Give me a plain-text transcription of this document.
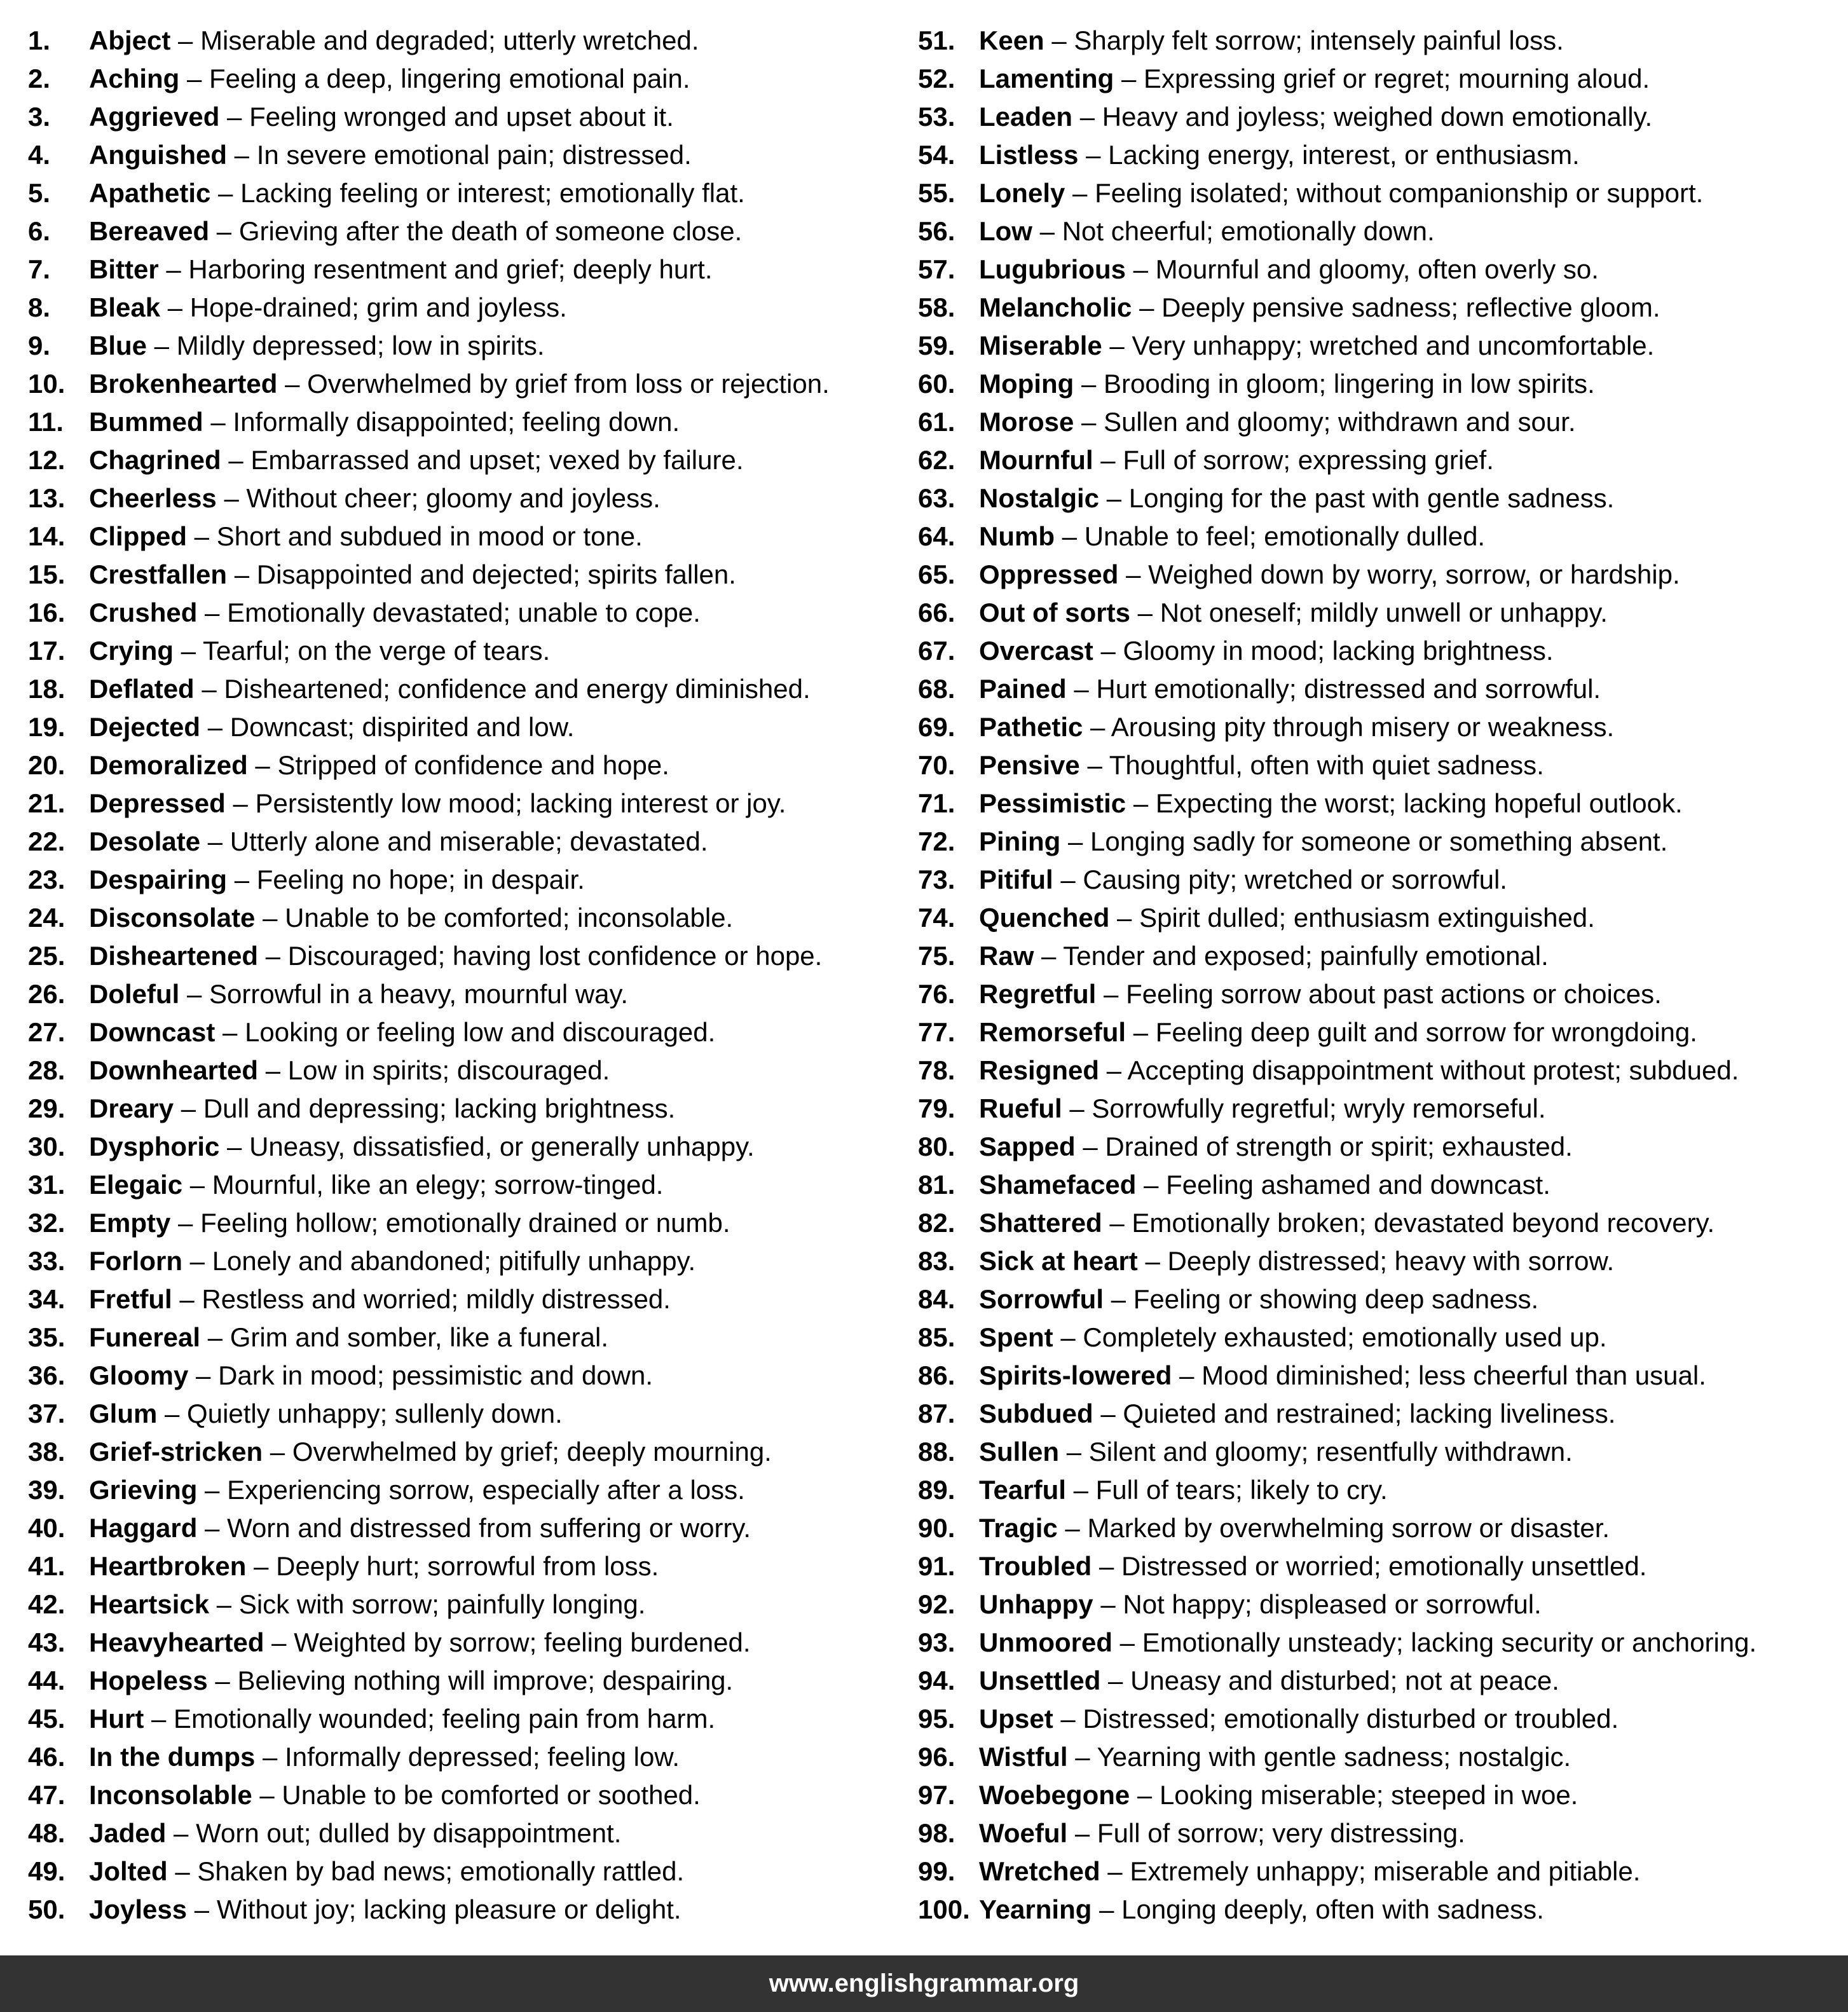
1. Abject – Miserable and degraded; utterly wretched.
2. Aching – Feeling a deep, lingering emotional pain.
3. Aggrieved – Feeling wronged and upset about it.
4. Anguished – In severe emotional pain; distressed.
5. Apathetic – Lacking feeling or interest; emotionally flat.
6. Bereaved – Grieving after the death of someone close.
7. Bitter – Harboring resentment and grief; deeply hurt.
8. Bleak – Hope-drained; grim and joyless.
9. Blue – Mildly depressed; low in spirits.
10. Brokenhearted – Overwhelmed by grief from loss or rejection.
11. Bummed – Informally disappointed; feeling down.
12. Chagrined – Embarrassed and upset; vexed by failure.
13. Cheerless – Without cheer; gloomy and joyless.
14. Clipped – Short and subdued in mood or tone.
15. Crestfallen – Disappointed and dejected; spirits fallen.
16. Crushed – Emotionally devastated; unable to cope.
17. Crying – Tearful; on the verge of tears.
18. Deflated – Disheartened; confidence and energy diminished.
19. Dejected – Downcast; dispirited and low.
20. Demoralized – Stripped of confidence and hope.
21. Depressed – Persistently low mood; lacking interest or joy.
22. Desolate – Utterly alone and miserable; devastated.
23. Despairing – Feeling no hope; in despair.
24. Disconsolate – Unable to be comforted; inconsolable.
25. Disheartened – Discouraged; having lost confidence or hope.
26. Doleful – Sorrowful in a heavy, mournful way.
27. Downcast – Looking or feeling low and discouraged.
28. Downhearted – Low in spirits; discouraged.
29. Dreary – Dull and depressing; lacking brightness.
30. Dysphoric – Uneasy, dissatisfied, or generally unhappy.
31. Elegaic – Mournful, like an elegy; sorrow-tinged.
32. Empty – Feeling hollow; emotionally drained or numb.
33. Forlorn – Lonely and abandoned; pitifully unhappy.
34. Fretful – Restless and worried; mildly distressed.
35. Funereal – Grim and somber, like a funeral.
36. Gloomy – Dark in mood; pessimistic and down.
37. Glum – Quietly unhappy; sullenly down.
38. Grief-stricken – Overwhelmed by grief; deeply mourning.
39. Grieving – Experiencing sorrow, especially after a loss.
40. Haggard – Worn and distressed from suffering or worry.
41. Heartbroken – Deeply hurt; sorrowful from loss.
42. Heartsick – Sick with sorrow; painfully longing.
43. Heavyhearted – Weighted by sorrow; feeling burdened.
44. Hopeless – Believing nothing will improve; despairing.
45. Hurt – Emotionally wounded; feeling pain from harm.
46. In the dumps – Informally depressed; feeling low.
47. Inconsolable – Unable to be comforted or soothed.
48. Jaded – Worn out; dulled by disappointment.
49. Jolted – Shaken by bad news; emotionally rattled.
50. Joyless – Without joy; lacking pleasure or delight.
51. Keen – Sharply felt sorrow; intensely painful loss.
52. Lamenting – Expressing grief or regret; mourning aloud.
53. Leaden – Heavy and joyless; weighed down emotionally.
54. Listless – Lacking energy, interest, or enthusiasm.
55. Lonely – Feeling isolated; without companionship or support.
56. Low – Not cheerful; emotionally down.
57. Lugubrious – Mournful and gloomy, often overly so.
58. Melancholic – Deeply pensive sadness; reflective gloom.
59. Miserable – Very unhappy; wretched and uncomfortable.
60. Moping – Brooding in gloom; lingering in low spirits.
61. Morose – Sullen and gloomy; withdrawn and sour.
62. Mournful – Full of sorrow; expressing grief.
63. Nostalgic – Longing for the past with gentle sadness.
64. Numb – Unable to feel; emotionally dulled.
65. Oppressed – Weighed down by worry, sorrow, or hardship.
66. Out of sorts – Not oneself; mildly unwell or unhappy.
67. Overcast – Gloomy in mood; lacking brightness.
68. Pained – Hurt emotionally; distressed and sorrowful.
69. Pathetic – Arousing pity through misery or weakness.
70. Pensive – Thoughtful, often with quiet sadness.
71. Pessimistic – Expecting the worst; lacking hopeful outlook.
72. Pining – Longing sadly for someone or something absent.
73. Pitiful – Causing pity; wretched or sorrowful.
74. Quenched – Spirit dulled; enthusiasm extinguished.
75. Raw – Tender and exposed; painfully emotional.
76. Regretful – Feeling sorrow about past actions or choices.
77. Remorseful – Feeling deep guilt and sorrow for wrongdoing.
78. Resigned – Accepting disappointment without protest; subdued.
79. Rueful – Sorrowfully regretful; wryly remorseful.
80. Sapped – Drained of strength or spirit; exhausted.
81. Shamefaced – Feeling ashamed and downcast.
82. Shattered – Emotionally broken; devastated beyond recovery.
83. Sick at heart – Deeply distressed; heavy with sorrow.
84. Sorrowful – Feeling or showing deep sadness.
85. Spent – Completely exhausted; emotionally used up.
86. Spirits-lowered – Mood diminished; less cheerful than usual.
87. Subdued – Quieted and restrained; lacking liveliness.
88. Sullen – Silent and gloomy; resentfully withdrawn.
89. Tearful – Full of tears; likely to cry.
90. Tragic – Marked by overwhelming sorrow or disaster.
91. Troubled – Distressed or worried; emotionally unsettled.
92. Unhappy – Not happy; displeased or sorrowful.
93. Unmoored – Emotionally unsteady; lacking security or anchoring.
94. Unsettled – Uneasy and disturbed; not at peace.
95. Upset – Distressed; emotionally disturbed or troubled.
96. Wistful – Yearning with gentle sadness; nostalgic.
97. Woebegone – Looking miserable; steeped in woe.
98. Woeful – Full of sorrow; very distressing.
99. Wretched – Extremely unhappy; miserable and pitiable.
100. Yearning – Longing deeply, often with sadness.
www.englishgrammar.org
